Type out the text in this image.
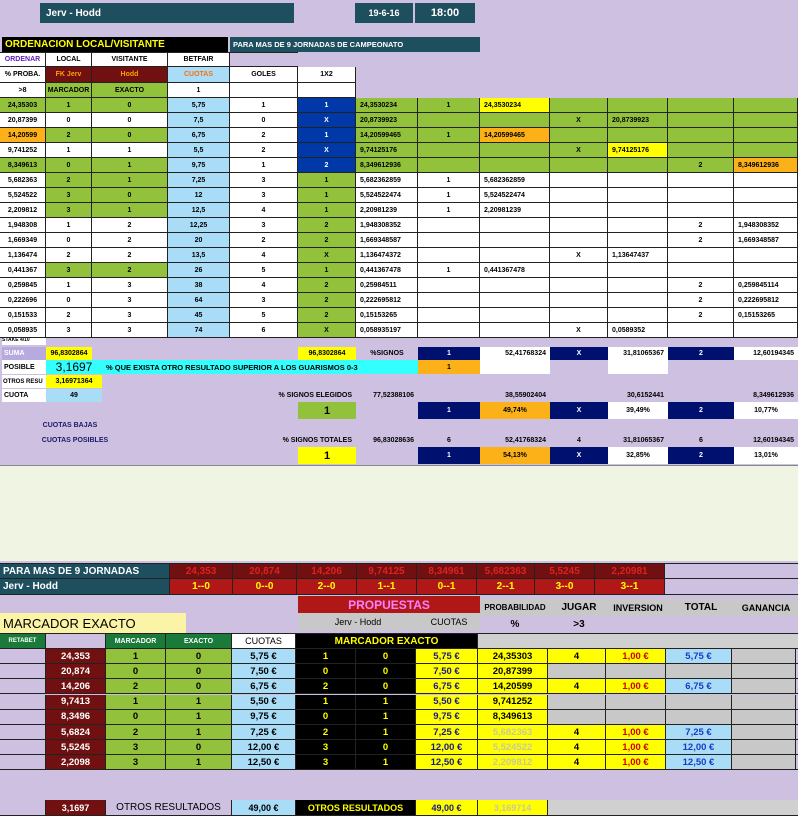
Jerv - Hodd	19-6-16	18:00
ORDENACION LOCAL/VISITANTE	PARA MAS DE 9 JORNADAS DE CAMPEONATO
ORDENAR	LOCAL	VISITANTE	BETFAIR
% PROBA.	FK Jerv	Hodd	CUOTAS	GOLES	1X2
>8	MARCADOR	EXACTO	1
STAKE 4/10
SUMA	96,8302864	96,8302864	%SIGNOS	1	52,41768324	X	31,81065367	2	12,60194345
POSIBLE	3,1697	% QUE EXISTA OTRO RESULTADO SUPERIOR A LOS GUARISMOS 0-3	1
OTROS RESU	3,16971364
CUOTA	49	% SIGNOS ELEGIDOS	77,52388106	38,55902404	30,6152441	8,349612936
1	1	49,74%	X	39,49%	2	10,77%
CUOTAS BAJAS
CUOTAS POSIBLES	% SIGNOS TOTALES	96,83028636	6	52,41768324	4	31,81065367	6	12,60194345
1	1	54,13%	X	32,85%	2	13,01%
24,35303	1	0	5,75	1	1	24,3530234	1	24,3530234
20,87399	0	0	7,5	0	X	20,8739923	X	20,8739923
14,20599	2	0	6,75	2	1	14,20599465	1	14,20599465
9,741252	1	1	5,5	2	X	9,74125176	X	9,74125176
8,349613	0	1	9,75	1	2	8,349612936	2	8,349612936
5,682363	2	1	7,25	3	1	5,682362859	1	5,682362859
5,524522	3	0	12	3	1	5,524522474	1	5,524522474
2,209812	3	1	12,5	4	1	2,20981239	1	2,20981239
1,948308	1	2	12,25	3	2	1,948308352	2	1,948308352
1,669349	0	2	20	2	2	1,669348587	2	1,669348587
1,136474	2	2	13,5	4	X	1,136474372	X	1,13647437
0,441367	3	2	26	5	1	0,441367478	1	0,441367478
0,259845	1	3	38	4	2	0,25984511	2	0,259845114
0,222696	0	3	64	3	2	0,222695812	2	0,222695812
0,151533	2	3	45	5	2	0,15153265	2	0,15153265
0,058935	3	3	74	6	X	0,058935197	X	0,0589352
PARA MAS DE 9 JORNADAS	24,353	20,874	14,206	9,74125	8,34961	5,682363	5,5245	2,20981
Jerv - Hodd	1--0	0--0	2--0	1--1	0--1	2--1	3--0	3--1
PROPUESTAS	PROBABILIDAD	JUGAR	INVERSION	TOTAL	GANANCIA
MARCADOR EXACTO	Jerv - Hodd	CUOTAS	%	>3
RETABET	MARCADOR	EXACTO	CUOTAS	MARCADOR EXACTO
3,1697	OTROS RESULTADOS	49,00 €	OTROS RESULTADOS	49,00 €	3,169714
24,353	1	0	5,75 €	1	0	5,75 €	24,35303	4	1,00 €	5,75 €
20,874	0	0	7,50 €	0	0	7,50 €	20,87399
14,206	2	0	6,75 €	2	0	6,75 €	14,20599	4	1,00 €	6,75 €
9,7413	1	1	5,50 €	1	1	5,50 €	9,741252
8,3496	0	1	9,75 €	0	1	9,75 €	8,349613
5,6824	2	1	7,25 €	2	1	7,25 €	5,682363	4	1,00 €	7,25 €
5,5245	3	0	12,00 €	3	0	12,00 €	5,524522	4	1,00 €	12,00 €
2,2098	3	1	12,50 €	3	1	12,50 €	2,209812	4	1,00 €	12,50 €
